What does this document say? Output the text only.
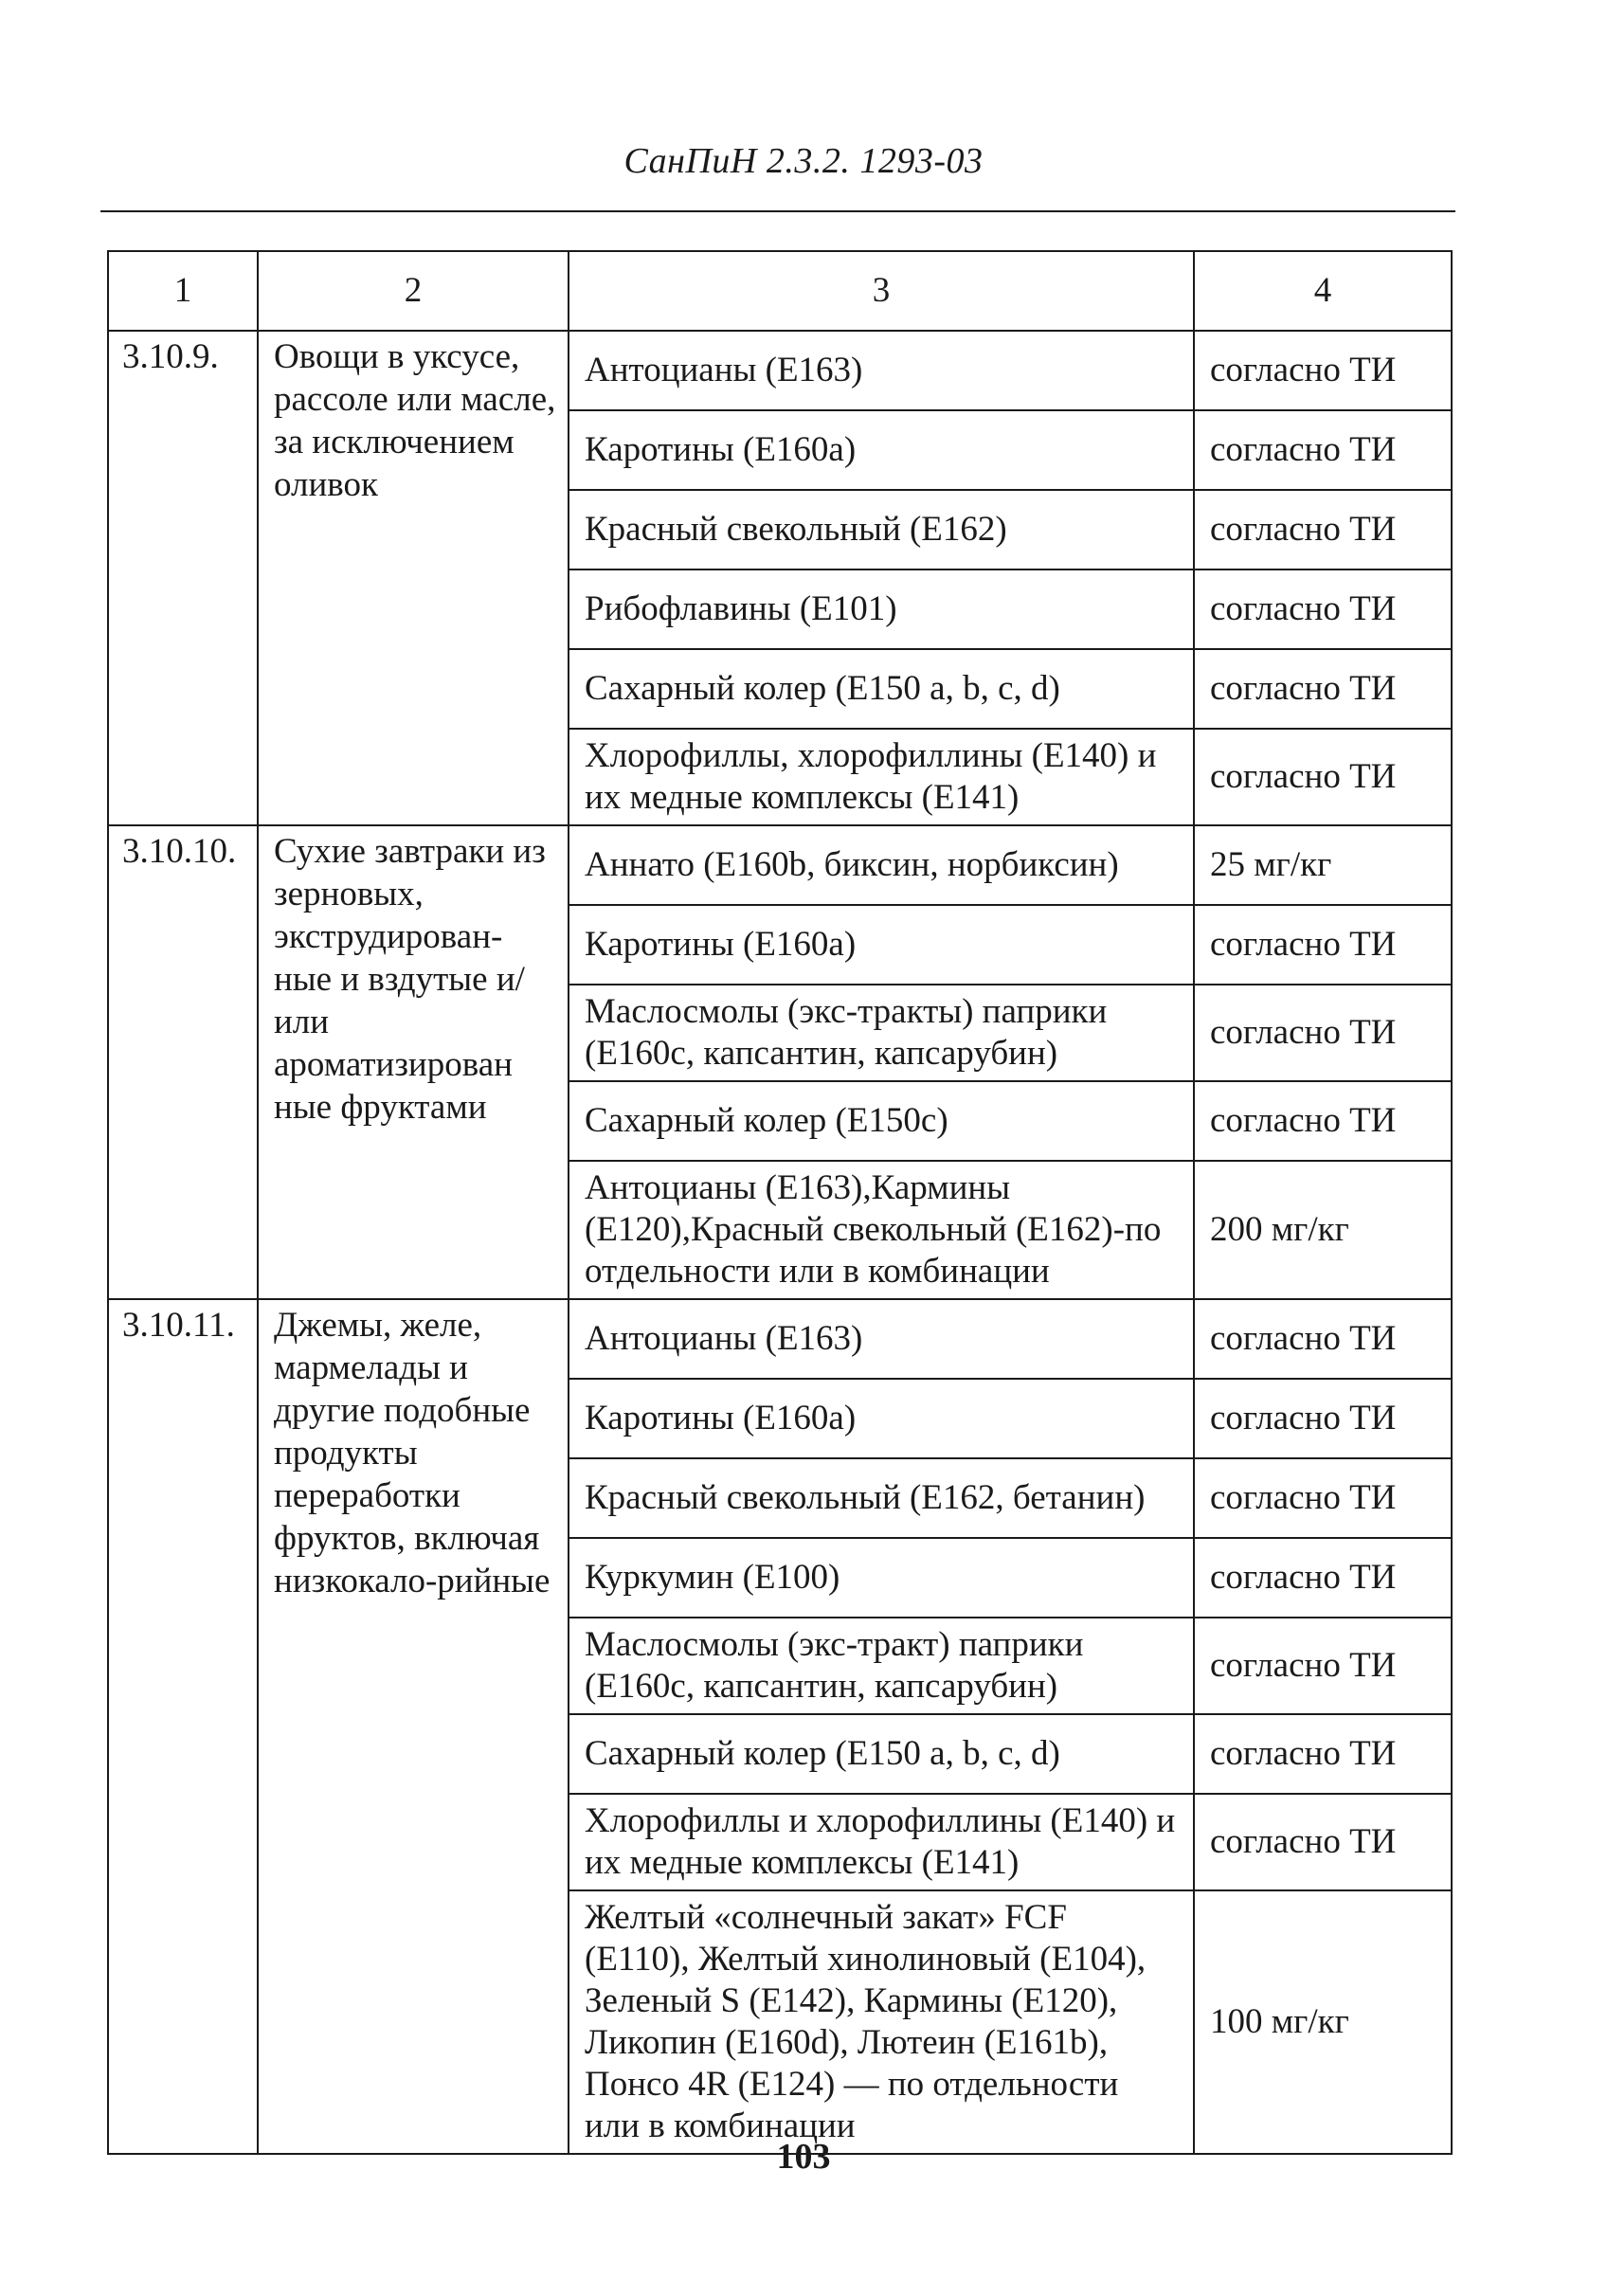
СанПиН 2.3.2. 1293-03
1	2	3	4
3.10.9.	Овощи в уксусе, рассоле или масле, за исключением оливок	Антоцианы (Е163)	согласно ТИ
		Каротины (Е160а)	согласно ТИ
		Красный свекольный (Е162)	согласно ТИ
		Рибофлавины (Е101)	согласно ТИ
		Сахарный колер (Е150 a, b, c, d)	согласно ТИ
		Хлорофиллы, хлорофиллины (Е140) и их медные комплексы (Е141)	согласно ТИ
3.10.10.	Сухие завтраки из зерновых, экструдирован-ные и вздутые и/или ароматизирован ные фруктами	Аннато (Е160b, биксин, норбиксин)	25 мг/кг
		Каротины (Е160а)	согласно ТИ
		Маслосмолы (экс-тракты) паприки (Е160с, капсантин, капсарубин)	согласно ТИ
		Сахарный колер (Е150с)	согласно ТИ
		Антоцианы (Е163),Кармины (Е120),Красный свекольный (Е162)-по отдельности или в комбинации	200 мг/кг
3.10.11.	Джемы, желе, мармелады и другие подобные продукты переработки фруктов, включая низкокало-рийные	Антоцианы (Е163)	согласно ТИ
		Каротины (Е160а)	согласно ТИ
		Красный свекольный (Е162, бетанин)	согласно ТИ
		Куркумин (Е100)	согласно ТИ
		Маслосмолы (экс-тракт) паприки (Е160с, капсантин, капсарубин)	согласно ТИ
		Сахарный колер (Е150 a, b, c, d)	согласно ТИ
		Хлорофиллы и хлорофиллины (Е140) и их медные комплексы (Е141)	согласно ТИ
		Желтый «солнечный закат» FCF (Е110), Желтый хинолиновый (Е104), Зеленый S (Е142), Кармины (Е120), Ликопин (Е160d), Лютеин (Е161b), Понсо 4R (Е124) — по отдельности или в комбинации	100 мг/кг
103
